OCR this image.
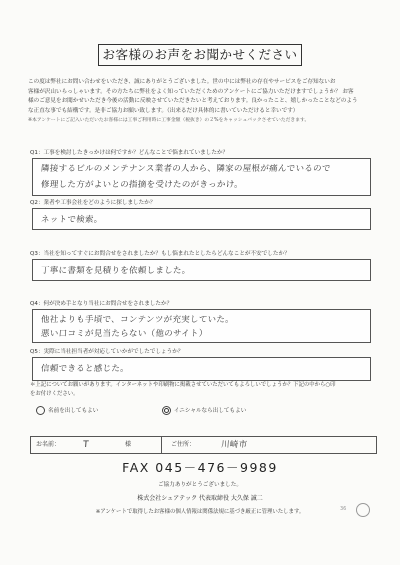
お客様のお声をお聞かせください
この度は弊社にお問い合わせをいただき、誠にありがとうございました。世の中には弊社の存在やサービスをご存知ないお
客様が沢山いらっしゃいます。その方たちに弊社をよく知っていただくためのアンケートにご協力いただけますでしょうか？ お客
様のご意見をお聞かせいただき今後の活動に反映させていただきたいと考えております。良かったこと、嬉しかったことなどのよう
な正直な事でも結構です。是非ご協力お願い致します。（出来るだけ具体的に書いていただけると幸いです）
※本アンケートにご記入いただいたお客様には工事ご利用時に工事金額（税抜き）の２%をキャッシュバックさせていただきます。
Q1：工事を検討したきっかけは何ですか？どんなことで悩まれていましたか？
隣接するビルのメンテナンス業者の人から、隣家の屋根が痛んでいるので
修理した方がよいとの指摘を受けたのがきっかけ。
Q2：業者や工事会社をどのように探しましたか？
ネットで検索。
Q3：当社を知ってすぐにお問合せをされましたか？もし悩まれたとしたらどんなことが不安でしたか？
丁寧に書類を見積りを依頼しました。
Q4：何が決め手となり当社にお問合せをされましたか？
他社よりも手頃で、コンテンツが充実していた。
悪い口コミが見当たらない（他のサイト）
Q5：実際に当社担当者が対応していかがでしたでしょうか？
信頼できると感じた。
＊上記についてお願いがあります。インターネットや印刷物に掲載させていただいてもよろしいでしょうか？下記の中から○印
をお付けください。
名前を出してもよい	イニシャルなら出してもよい
お名前：	T	様	ご住所：	川崎市
FAX 045－476－9989
ご協力ありがとうございました。
株式会社シェアテック 代表取締役 大久保 誠二
※アンケートで取得したお客様の個人情報は関係法規に基づき厳正に管理いたします。	36
